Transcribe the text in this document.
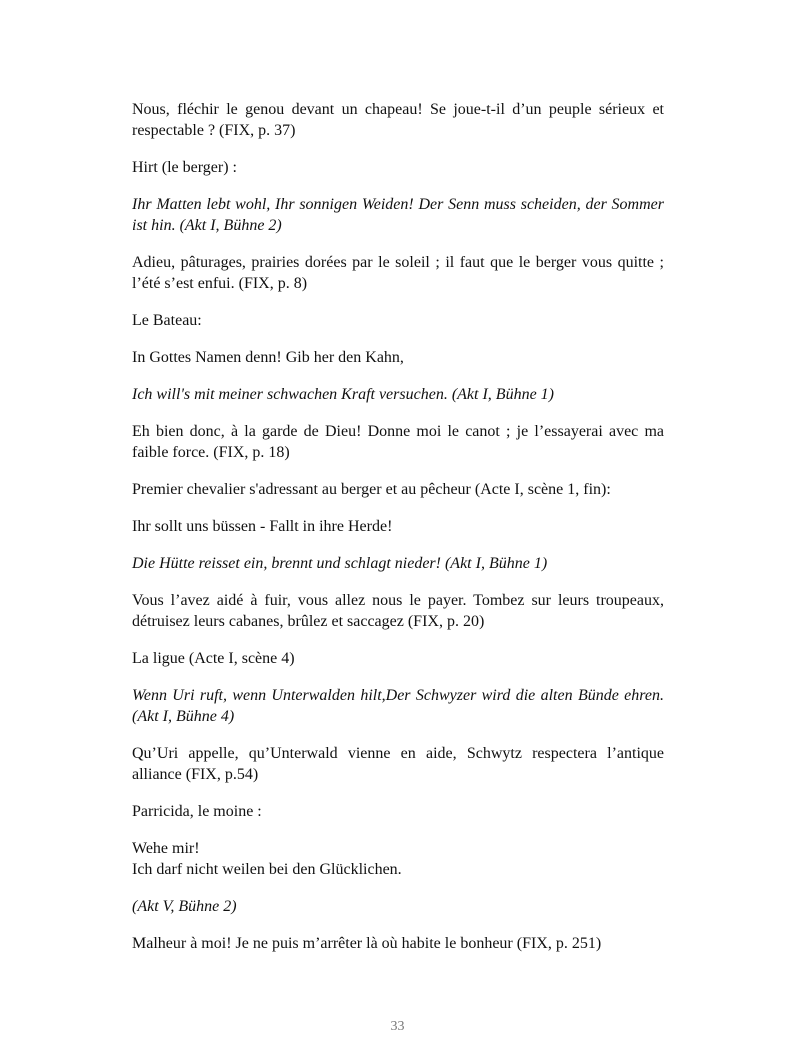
Nous, fléchir le genou devant un chapeau! Se joue-t-il d’un peuple sérieux et respectable ? (FIX, p. 37)

Hirt (le berger) :

Ihr Matten lebt wohl, Ihr sonnigen Weiden! Der Senn muss scheiden, der Sommer ist hin. (Akt I, Bühne 2)

Adieu, pâturages, prairies dorées par le soleil ; il faut que le berger vous quitte ; l’été s’est enfui. (FIX, p. 8)

Le Bateau:

In Gottes Namen denn! Gib her den Kahn,

Ich will's mit meiner schwachen Kraft versuchen. (Akt I, Bühne 1)

Eh bien donc, à la garde de Dieu! Donne moi le canot ; je l’essayerai avec ma faible force. (FIX, p. 18)

Premier chevalier s'adressant au berger et au pêcheur (Acte I, scène 1, fin):

Ihr sollt uns büssen - Fallt in ihre Herde!

Die Hütte reisset ein, brennt und schlagt nieder! (Akt I, Bühne 1)

Vous l’avez aidé à fuir, vous allez nous le payer. Tombez sur leurs troupeaux, détruisez leurs cabanes, brûlez et saccagez (FIX, p. 20)

La ligue (Acte I, scène 4)

Wenn Uri ruft, wenn Unterwalden hilt,Der Schwyzer wird die alten Bünde ehren. (Akt I, Bühne 4)

Qu’Uri appelle, qu’Unterwald vienne en aide, Schwytz respectera l’antique alliance (FIX, p.54)

Parricida, le moine :

Wehe mir!
Ich darf nicht weilen bei den Glücklichen.

(Akt V, Bühne 2)

Malheur à moi! Je ne puis m’arrêter là où habite le bonheur (FIX, p. 251)

33
